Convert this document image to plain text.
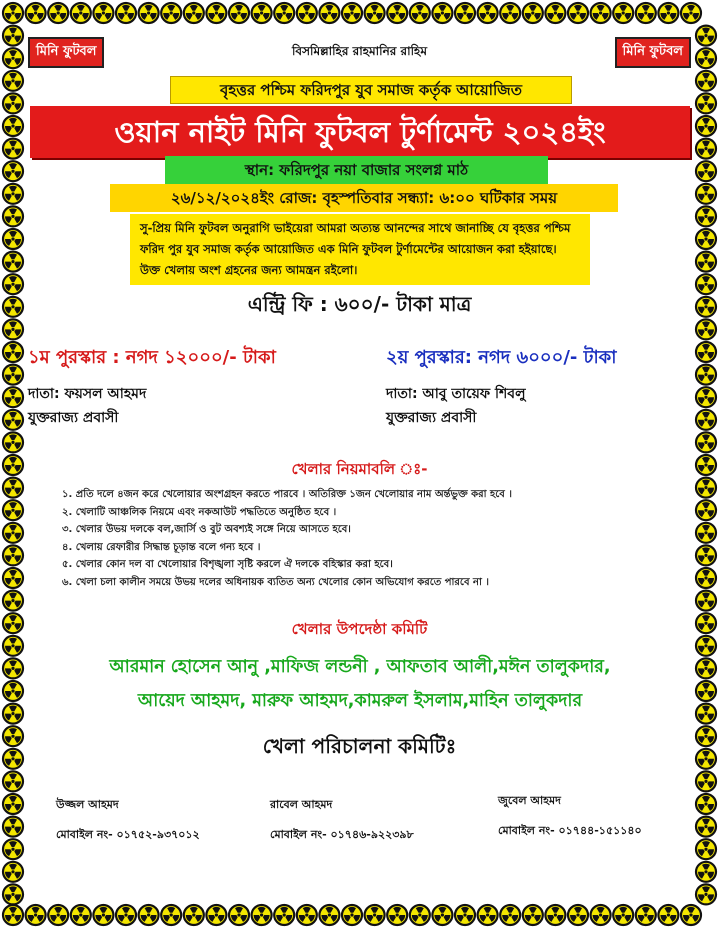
মিনি ফুটবল	মিনি ফুটবল
বিসমিল্লাহির রাহমানির রাহিম
বৃহত্তর পশ্চিম ফরিদপুর যুব সমাজ কর্তৃক আয়োজিত
ওয়ান নাইট মিনি ফুটবল টুর্ণামেন্ট ২০২৪ইং
স্থান: ফরিদপুর নয়া বাজার সংলগ্ন মাঠ
২৬/১২/২০২৪ইং রোজ: বৃহস্পতিবার সন্ধ্যা: ৬:০০ ঘটিকার সময়
সু-প্রিয় মিনি ফুটবল অনুরাগি ভাইয়েরা আমরা অত্যন্ত আনন্দের সাথে জানাচ্ছি যে বৃহত্তর পশ্চিম ফরিদ পুর যুব সমাজ কর্তৃক আয়োজিত এক মিনি ফুটবল টুর্ণামেন্টের আয়োজন করা হইয়াছে। উক্ত খেলায় অংশ গ্রহনের জন্য আমন্ত্রন রইলো।
এন্ট্রি ফি : ৬০০/- টাকা মাত্র
১ম পুরস্কার : নগদ ১২০০০/- টাকা
দাতা: ফয়সল আহমদ
যুক্তরাজ্য প্রবাসী
২য় পুরস্কার: নগদ ৬০০০/- টাকা
দাতা: আবু তায়েফ শিবলু
যুক্তরাজ্য প্রবাসী
খেলার নিয়মাবলি ঃ-
১. প্রতি দলে ৪জন করে খেলোয়ার অংশগ্রহন করতে পারবে । অতিরিক্ত ১জন খেলোয়ার নাম অর্ন্তভুক্ত করা হবে ।
২. খেলাটি আঞ্চলিক নিয়মে এবং নকআউট পদ্ধতিতে অনুষ্ঠিত হবে ।
৩. খেলার উভয় দলকে বল,জার্সি ও বুট অবশ্যই সঙ্গে নিয়ে আসতে হবে।
৪. খেলায় রেফারীর সিদ্ধান্ত চূড়ান্ত বলে গন্য হবে ।
৫. খেলার কোন দল বা খেলোয়ার বিশৃঙ্খলা সৃষ্টি করলে ঐ দলকে বহিস্কার করা হবে।
৬. খেলা চলা কালীন সময়ে উভয় দলের অধিনায়ক ব্যতিত অন্য খেলোর কোন অভিযোগ করতে পারবে না ।
খেলার উপদেষ্ঠা কমিটি
আরমান হোসেন আনু ,মাফিজ লন্ডনী , আফতাব আলী,মঈন তালুকদার,
আয়েদ আহমদ, মারুফ আহমদ,কামরুল ইসলাম,মাহিন তালুকদার
খেলা পরিচালনা কমিটিঃ
উজ্জল আহমদ
মোবাইল নং- ০১৭৫২-৯৩৭০১২
রাবেল আহমদ
মোবাইল নং- ০১৭৪৬-৯২২৩৯৮
জুবেল আহমদ
মোবাইল নং- ০১৭৪৪-১৫১১৪০
